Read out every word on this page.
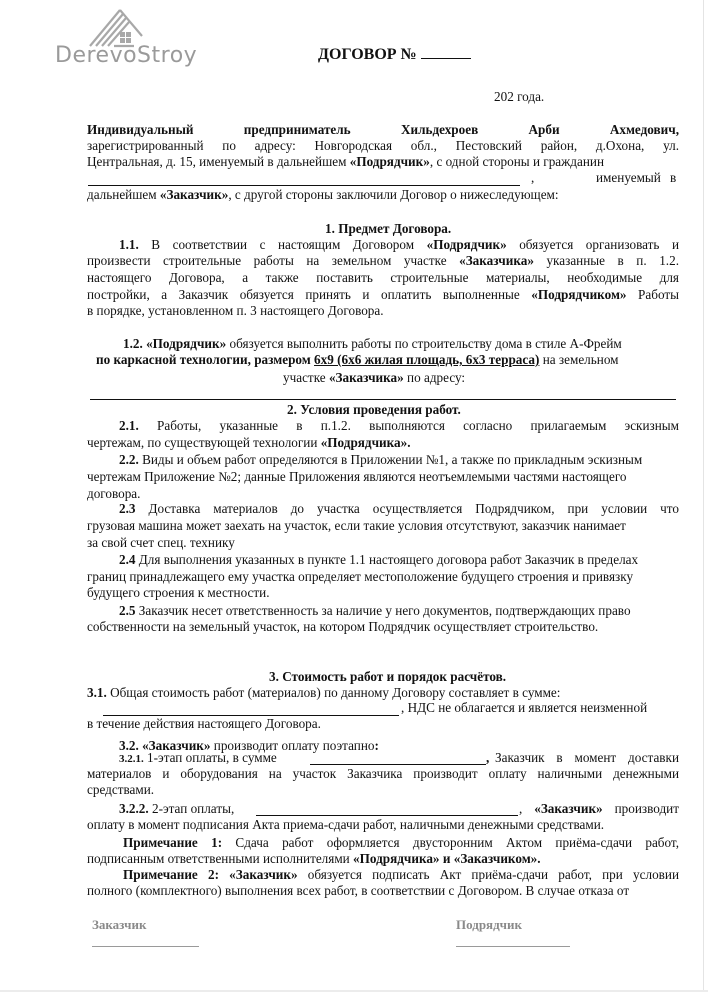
DerevoStroy	ДОГОВОР №
202 года.
Индивидуальный предприниматель Хильдехроев Арби Ахмедович,
зарегистрированный по адресу: Новгородская обл., Пестовский район, д.Охона, ул.
Центральная, д. 15, именуемый в дальнейшем «Подрядчик», с одной стороны и гражданин
,	именуемый в
дальнейшем «Заказчик», с другой стороны заключили Договор о нижеследующем:
1. Предмет Договора.
1.1. В соответствии с настоящим Договором «Подрядчик» обязуется организовать и
произвести строительные работы на земельном участке «Заказчика» указанные в п. 1.2.
настоящего Договора, а также поставить строительные материалы, необходимые для
постройки, а Заказчик обязуется принять и оплатить выполненные «Подрядчиком» Работы
в порядке, установленном п. 3 настоящего Договора.
1.2. «Подрядчик» обязуется выполнить работы по строительству дома в стиле А-Фрейм
по каркасной технологии, размером 6х9 (6х6 жилая площадь, 6х3 терраса) на земельном
участке «Заказчика» по адресу:
2. Условия проведения работ.
2.1. Работы, указанные в п.1.2. выполняются согласно прилагаемым эскизным
чертежам, по существующей технологии «Подрядчика».
2.2. Виды и объем работ определяются в Приложении №1, а также по прикладным эскизным
чертежам Приложение №2; данные Приложения являются неотъемлемыми частями настоящего
договора.
2.3 Доставка материалов до участка осуществляется Подрядчиком, при условии что
грузовая машина может заехать на участок, если такие условия отсутствуют, заказчик нанимает
за свой счет спец. технику
2.4 Для выполнения указанных в пункте 1.1 настоящего договора работ Заказчик в пределах
границ принадлежащего ему участка определяет местоположение будущего строения и привязку
будущего строения к местности.
2.5 Заказчик несет ответственность за наличие у него документов, подтверждающих право
собственности на земельный участок, на котором Подрядчик осуществляет строительство.
3. Стоимость работ и порядок расчётов.
3.1. Общая стоимость работ (материалов) по данному Договору составляет в сумме:
, НДС не облагается и является неизменной
в течение действия настоящего Договора.
3.2. «Заказчик» производит оплату поэтапно:
3.2.1. 1-этап оплаты, в сумме	, Заказчик в момент доставки
материалов и оборудования на участок Заказчика производит оплату наличными денежными
средствами.
3.2.2. 2-этап оплаты,	, «Заказчик» производит
оплату в момент подписания Акта приема-сдачи работ, наличными денежными средствами.
Примечание 1: Сдача работ оформляется двусторонним Актом приёма-сдачи работ,
подписанным ответственными исполнителями «Подрядчика» и «Заказчиком».
Примечание 2: «Заказчик» обязуется подписать Акт приёма-сдачи работ, при условии
полного (комплектного) выполнения всех работ, в соответствии с Договором. В случае отказа от
Заказчик	Подрядчик
